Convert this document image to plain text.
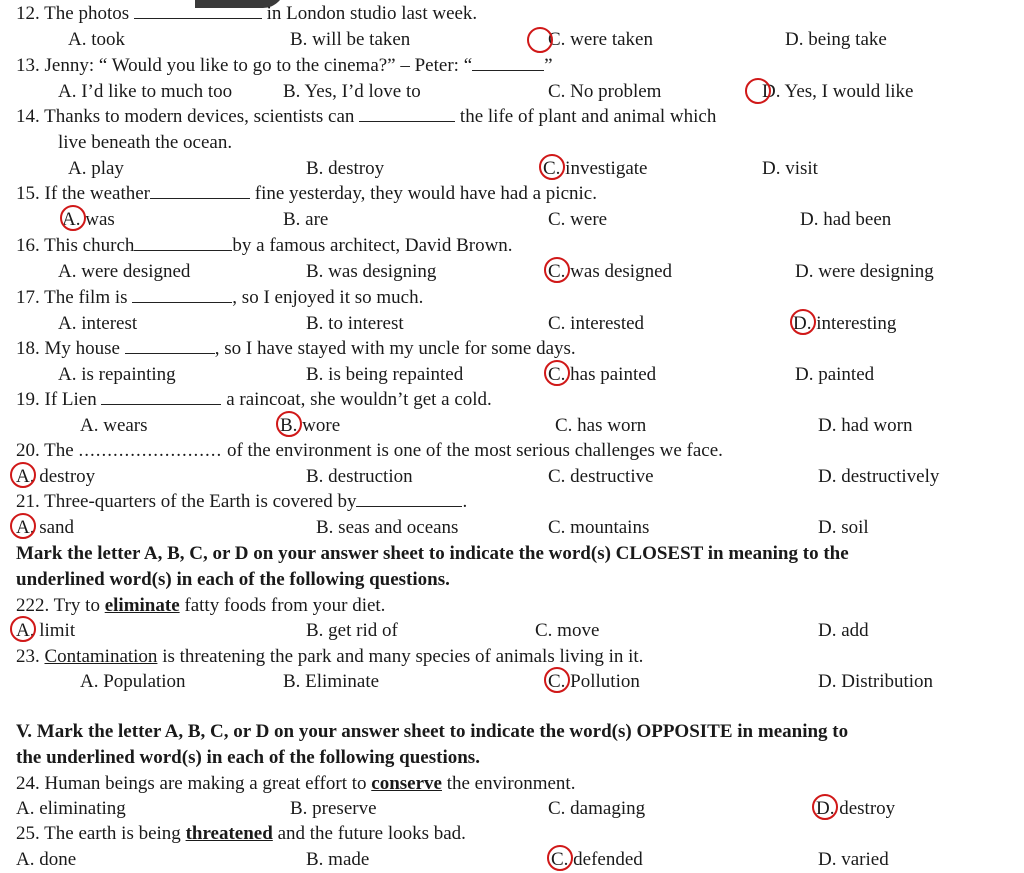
12. The photos	in London studio last week.
A. took	B. will be taken	C. were taken	D. being take
13. Jenny: “ Would you like to go to the cinema?” – Peter: “	”
A. I’d like to much too	B. Yes, I’d love to	C. No problem	D. Yes, I would like
14. Thanks to modern devices, scientists can	the life of plant and animal which
live beneath the ocean.
A. play	B. destroy	C. investigate	D. visit
15. If the weather	fine yesterday, they would have had a picnic.
A. was	B. are	C. were	D. had been
16. This church	by a famous architect, David Brown.
A. were designed	B. was designing	C. was designed	D. were designing
17. The film is	, so I enjoyed it so much.
A. interest	B. to interest	C. interested	D. interesting
18. My house	, so I have stayed with my uncle for some days.
A. is repainting	B. is being repainted	C. has painted	D. painted
19. If Lien	a raincoat, she wouldn’t get a cold.
A. wears	B. wore	C. has worn	D. had worn
20. The ......................... of the environment is one of the most serious challenges we face.
A. destroy	B. destruction	C. destructive	D. destructively
21. Three-quarters of the Earth is covered by	.
A. sand	B. seas and oceans	C. mountains	D. soil
Mark the letter A, B, C, or D on your answer sheet to indicate the word(s) CLOSEST in meaning to the
underlined word(s) in each of the following questions.
222. Try to eliminate fatty foods from your diet.
A. limit	B. get rid of	C. move	D. add
23. Contamination is threatening the park and many species of animals living in it.
A. Population	B. Eliminate	C. Pollution	D. Distribution
V. Mark the letter A, B, C, or D on your answer sheet to indicate the word(s) OPPOSITE in meaning to
the underlined word(s) in each of the following questions.
24. Human beings are making a great effort to conserve the environment.
A. eliminating	B. preserve	C. damaging	D. destroy
25. The earth is being threatened and the future looks bad.
A. done	B. made	C. defended	D. varied
